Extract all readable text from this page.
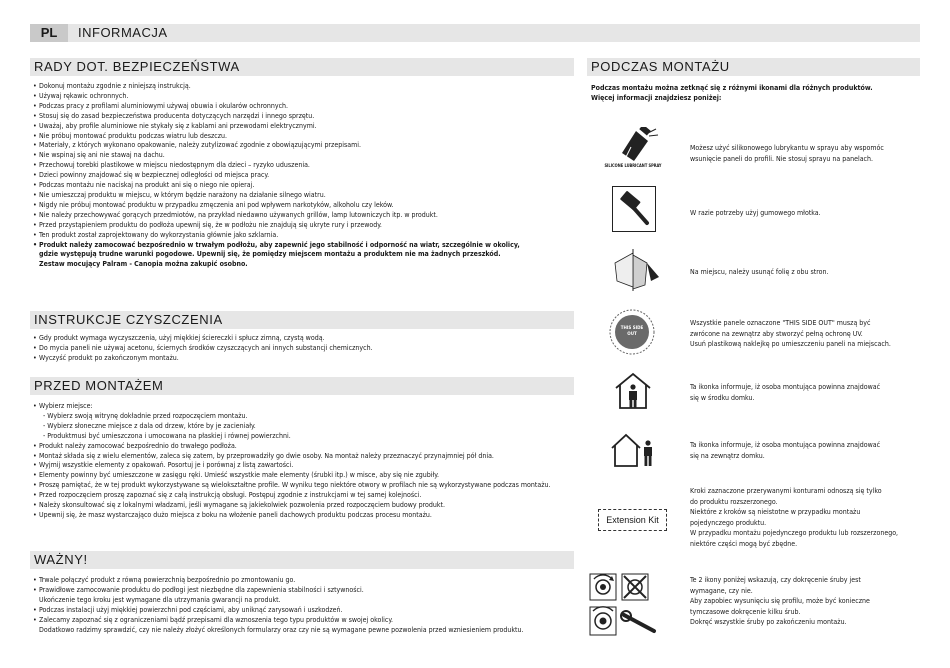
PL	INFORMACJA
RADY DOT. BEZPIECZEŃSTWA
• Dokonuj montażu zgodnie z niniejszą instrukcją.
• Używaj rękawic ochronnych.
• Podczas pracy z profilami aluminiowymi używaj obuwia i okularów ochronnych.
• Stosuj się do zasad bezpieczeństwa producenta dotyczących narzędzi i innego sprzętu.
• Uważaj, aby profile aluminiowe nie stykały się z kablami ani przewodami elektrycznymi.
• Nie próbuj montować produktu podczas wiatru lub deszczu.
• Materiały, z których wykonano opakowanie, należy zutylizować zgodnie z obowiązującymi przepisami.
• Nie wspinaj się ani nie stawaj na dachu.
• Przechowuj torebki plastikowe w miejscu niedostępnym dla dzieci – ryzyko uduszenia.
• Dzieci powinny znajdować się w bezpiecznej odległości od miejsca pracy.
• Podczas montażu nie naciskaj na produkt ani się o niego nie opieraj.
• Nie umieszczaj produktu w miejscu, w którym będzie narażony na działanie silnego wiatru.
• Nigdy nie próbuj montować produktu w przypadku zmęczenia ani pod wpływem narkotyków, alkoholu czy leków.
• Nie należy przechowywać gorących przedmiotów, na przykład niedawno używanych grillów, lamp lutowniczych itp. w produkt.
• Przed przystąpieniem produktu do podłoża upewnij się, że w podłożu nie znajdują się ukryte rury i przewody.
• Ten produkt został zaprojektowany do wykorzystania głównie jako szklarnia.
• Produkt należy zamocować bezpośrednio w trwałym podłożu, aby zapewnić jego stabilność i odporność na wiatr, szczególnie w okolicy,
gdzie występują trudne warunki pogodowe. Upewnij się, że pomiędzy miejscem montażu a produktem nie ma żadnych przeszkód.
Zestaw mocujący Palram - Canopia można zakupić osobno.
INSTRUKCJE CZYSZCZENIA
• Gdy produkt wymaga wyczyszczenia, użyj miękkiej ściereczki i spłucz zimną, czystą wodą.
• Do mycia paneli nie używaj acetonu, ściernych środków czyszczących ani innych substancji chemicznych.
• Wyczyść produkt po zakończonym montażu.
PRZED MONTAŻEM
• Wybierz miejsce:
- Wybierz swoją witrynę dokładnie przed rozpoczęciem montażu.
- Wybierz słoneczne miejsce z dala od drzew, które by je zacieniały.
- Produktmusi być umieszczona i umocowana na płaskiej i równej powierzchni.
• Produkt należy zamocować bezpośrednio do trwałego podłoża.
• Montaż składa się z wielu elementów, zaleca się zatem, by przeprowadziły go dwie osoby. Na montaż należy przeznaczyć przynajmniej pół dnia.
• Wyjmij wszystkie elementy z opakowań. Posortuj je i porównaj z listą zawartości.
• Elementy powinny być umieszczone w zasięgu ręki. Umieść wszystkie małe elementy (śrubki itp.) w misce, aby się nie zgubiły.
• Proszę pamiętać, że w tej produkt wykorzystywane są wielokształtne profile. W wyniku tego niektóre otwory w profilach nie są wykorzystywane podczas montażu.
• Przed rozpoczęciem proszę zapoznać się z całą instrukcją obsługi. Postępuj zgodnie z instrukcjami w tej samej kolejności.
• Należy skonsultować się z lokalnymi władzami, jeśli wymagane są jakiekolwiek pozwolenia przed rozpoczęciem budowy produkt.
• Upewnij się, że masz wystarczająco dużo miejsca z boku na włożenie paneli dachowych produktu podczas procesu montażu.
WAŻNY!
• Trwale połączyć produkt z równą powierzchnią bezpośrednio po zmontowaniu go.
• Prawidłowe zamocowanie produktu do podłogi jest niezbędne dla zapewnienia stabilności i sztywności.
Ukończenie tego kroku jest wymagane dla utrzymania gwarancji na produkt.
• Podczas instalacji użyj miękkiej powierzchni pod częściami, aby uniknąć zarysowań i uszkodzeń.
• Zalecamy zapoznać się z ograniczeniami bądź przepisami dla wznoszenia tego typu produktów w swojej okolicy.
Dodatkowo radzimy sprawdzić, czy nie należy złożyć określonych formularzy oraz czy nie są wymagane pewne pozwolenia przed wzniesieniem produktu.
PODCZAS MONTAŻU
Podczas montażu można zetknąć się z różnymi ikonami dla różnych produktów.
Więcej informacji znajdziesz poniżej:
SILICONE LUBRICANT SPRAY
Możesz użyć silikonowego lubrykantu w sprayu aby wspomóc
wsunięcie paneli do profili. Nie stosuj sprayu na panelach.
W razie potrzeby użyj gumowego młotka.
Na miejscu, należy usunąć folię z obu stron.
THIS SIDE OUT
Wszystkie panele oznaczone "THIS SIDE OUT" muszą być
zwrócone na zewnątrz aby stworzyć pełną ochronę UV.
Usuń plastikową naklejkę po umieszczeniu paneli na miejscach.
Ta ikonka informuje, iż osoba montująca powinna znajdować
się w środku domku.
Ta ikonka informuje, iż osoba montująca powinna znajdować
się na zewnątrz domku.
Extension Kit
Kroki zaznaczone przerywanymi konturami odnoszą się tylko
do produktu rozszerzonego.
Niektóre z kroków są nieistotne w przypadku montażu
pojedynczego produktu.
W przypadku montażu pojedynczego produktu lub rozszerzonego,
niektóre części mogą być zbędne.
Te 2 ikony poniżej wskazują, czy dokręcenie śruby jest
wymagane, czy nie.
Aby zapobiec wysunięciu się profilu, może być konieczne
tymczasowe dokręcenie kilku śrub.
Dokręć wszystkie śruby po zakończeniu montażu.
